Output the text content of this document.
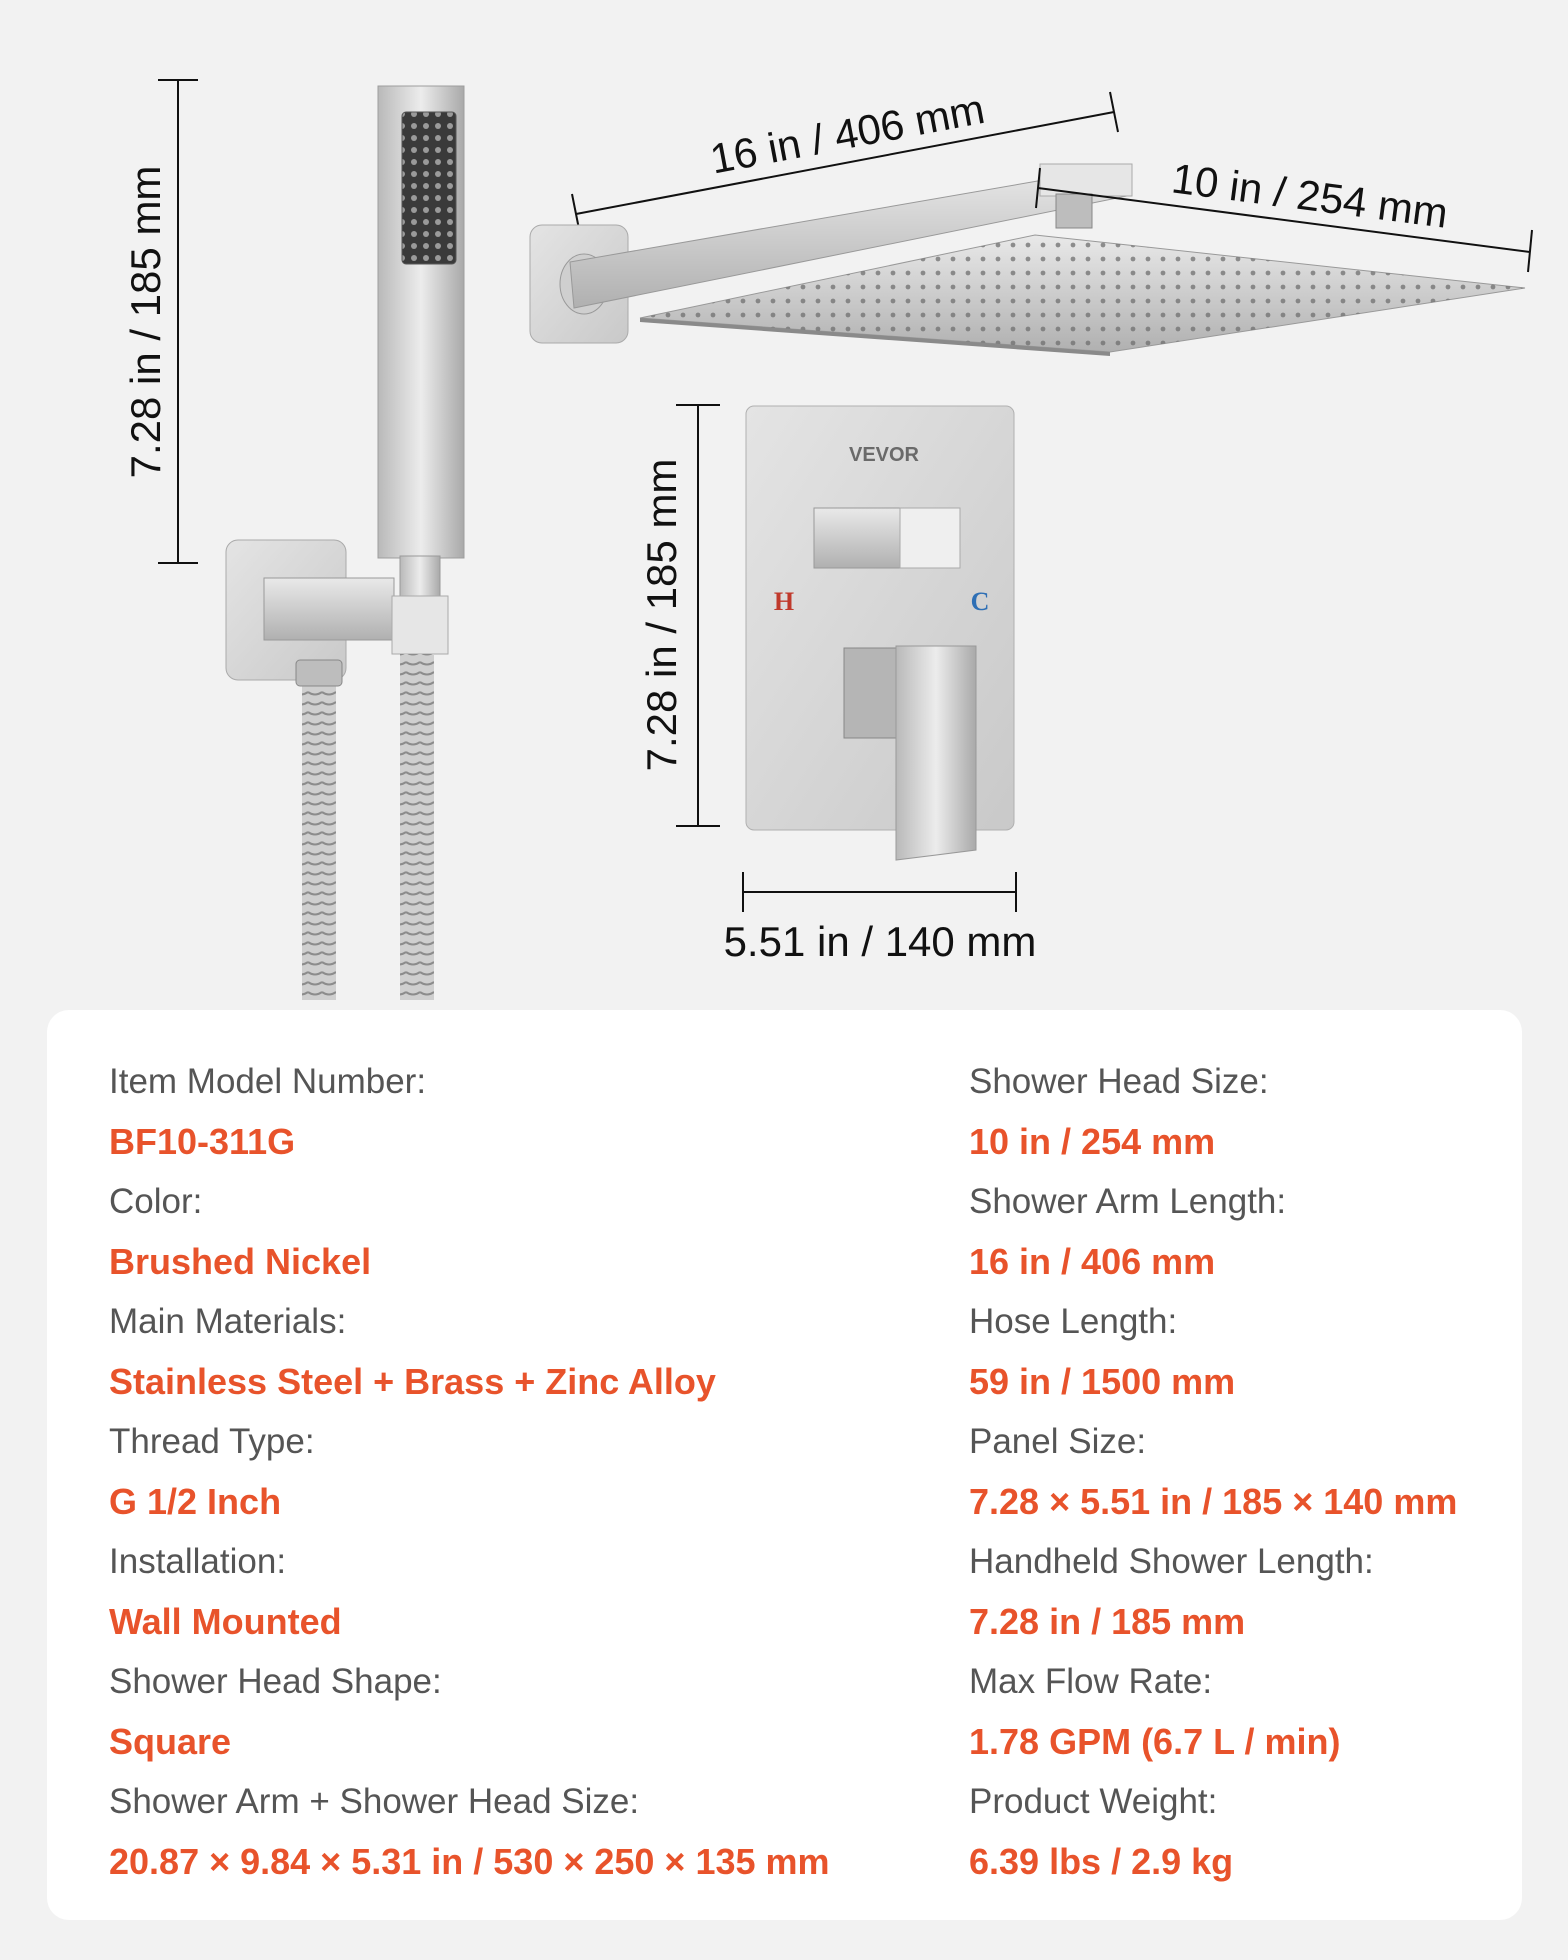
7.28 in / 185 mm
16 in / 406 mm
10 in / 254 mm
7.28 in / 185 mm
VEVOR
H	C
5.51 in / 140 mm
Item Model Number:
BF10-311G
Color:
Brushed Nickel
Main Materials:
Stainless Steel + Brass + Zinc Alloy
Thread Type:
G 1/2 Inch
Installation:
Wall Mounted
Shower Head Shape:
Square
Shower Arm + Shower Head Size:
20.87 × 9.84 × 5.31 in / 530 × 250 × 135 mm
Shower Head Size:
10 in / 254 mm
Shower Arm Length:
16 in / 406 mm
Hose Length:
59 in / 1500 mm
Panel Size:
7.28 × 5.51 in / 185 × 140 mm
Handheld Shower Length:
7.28 in / 185 mm
Max Flow Rate:
1.78 GPM (6.7 L / min)
Product Weight:
6.39 lbs / 2.9 kg
